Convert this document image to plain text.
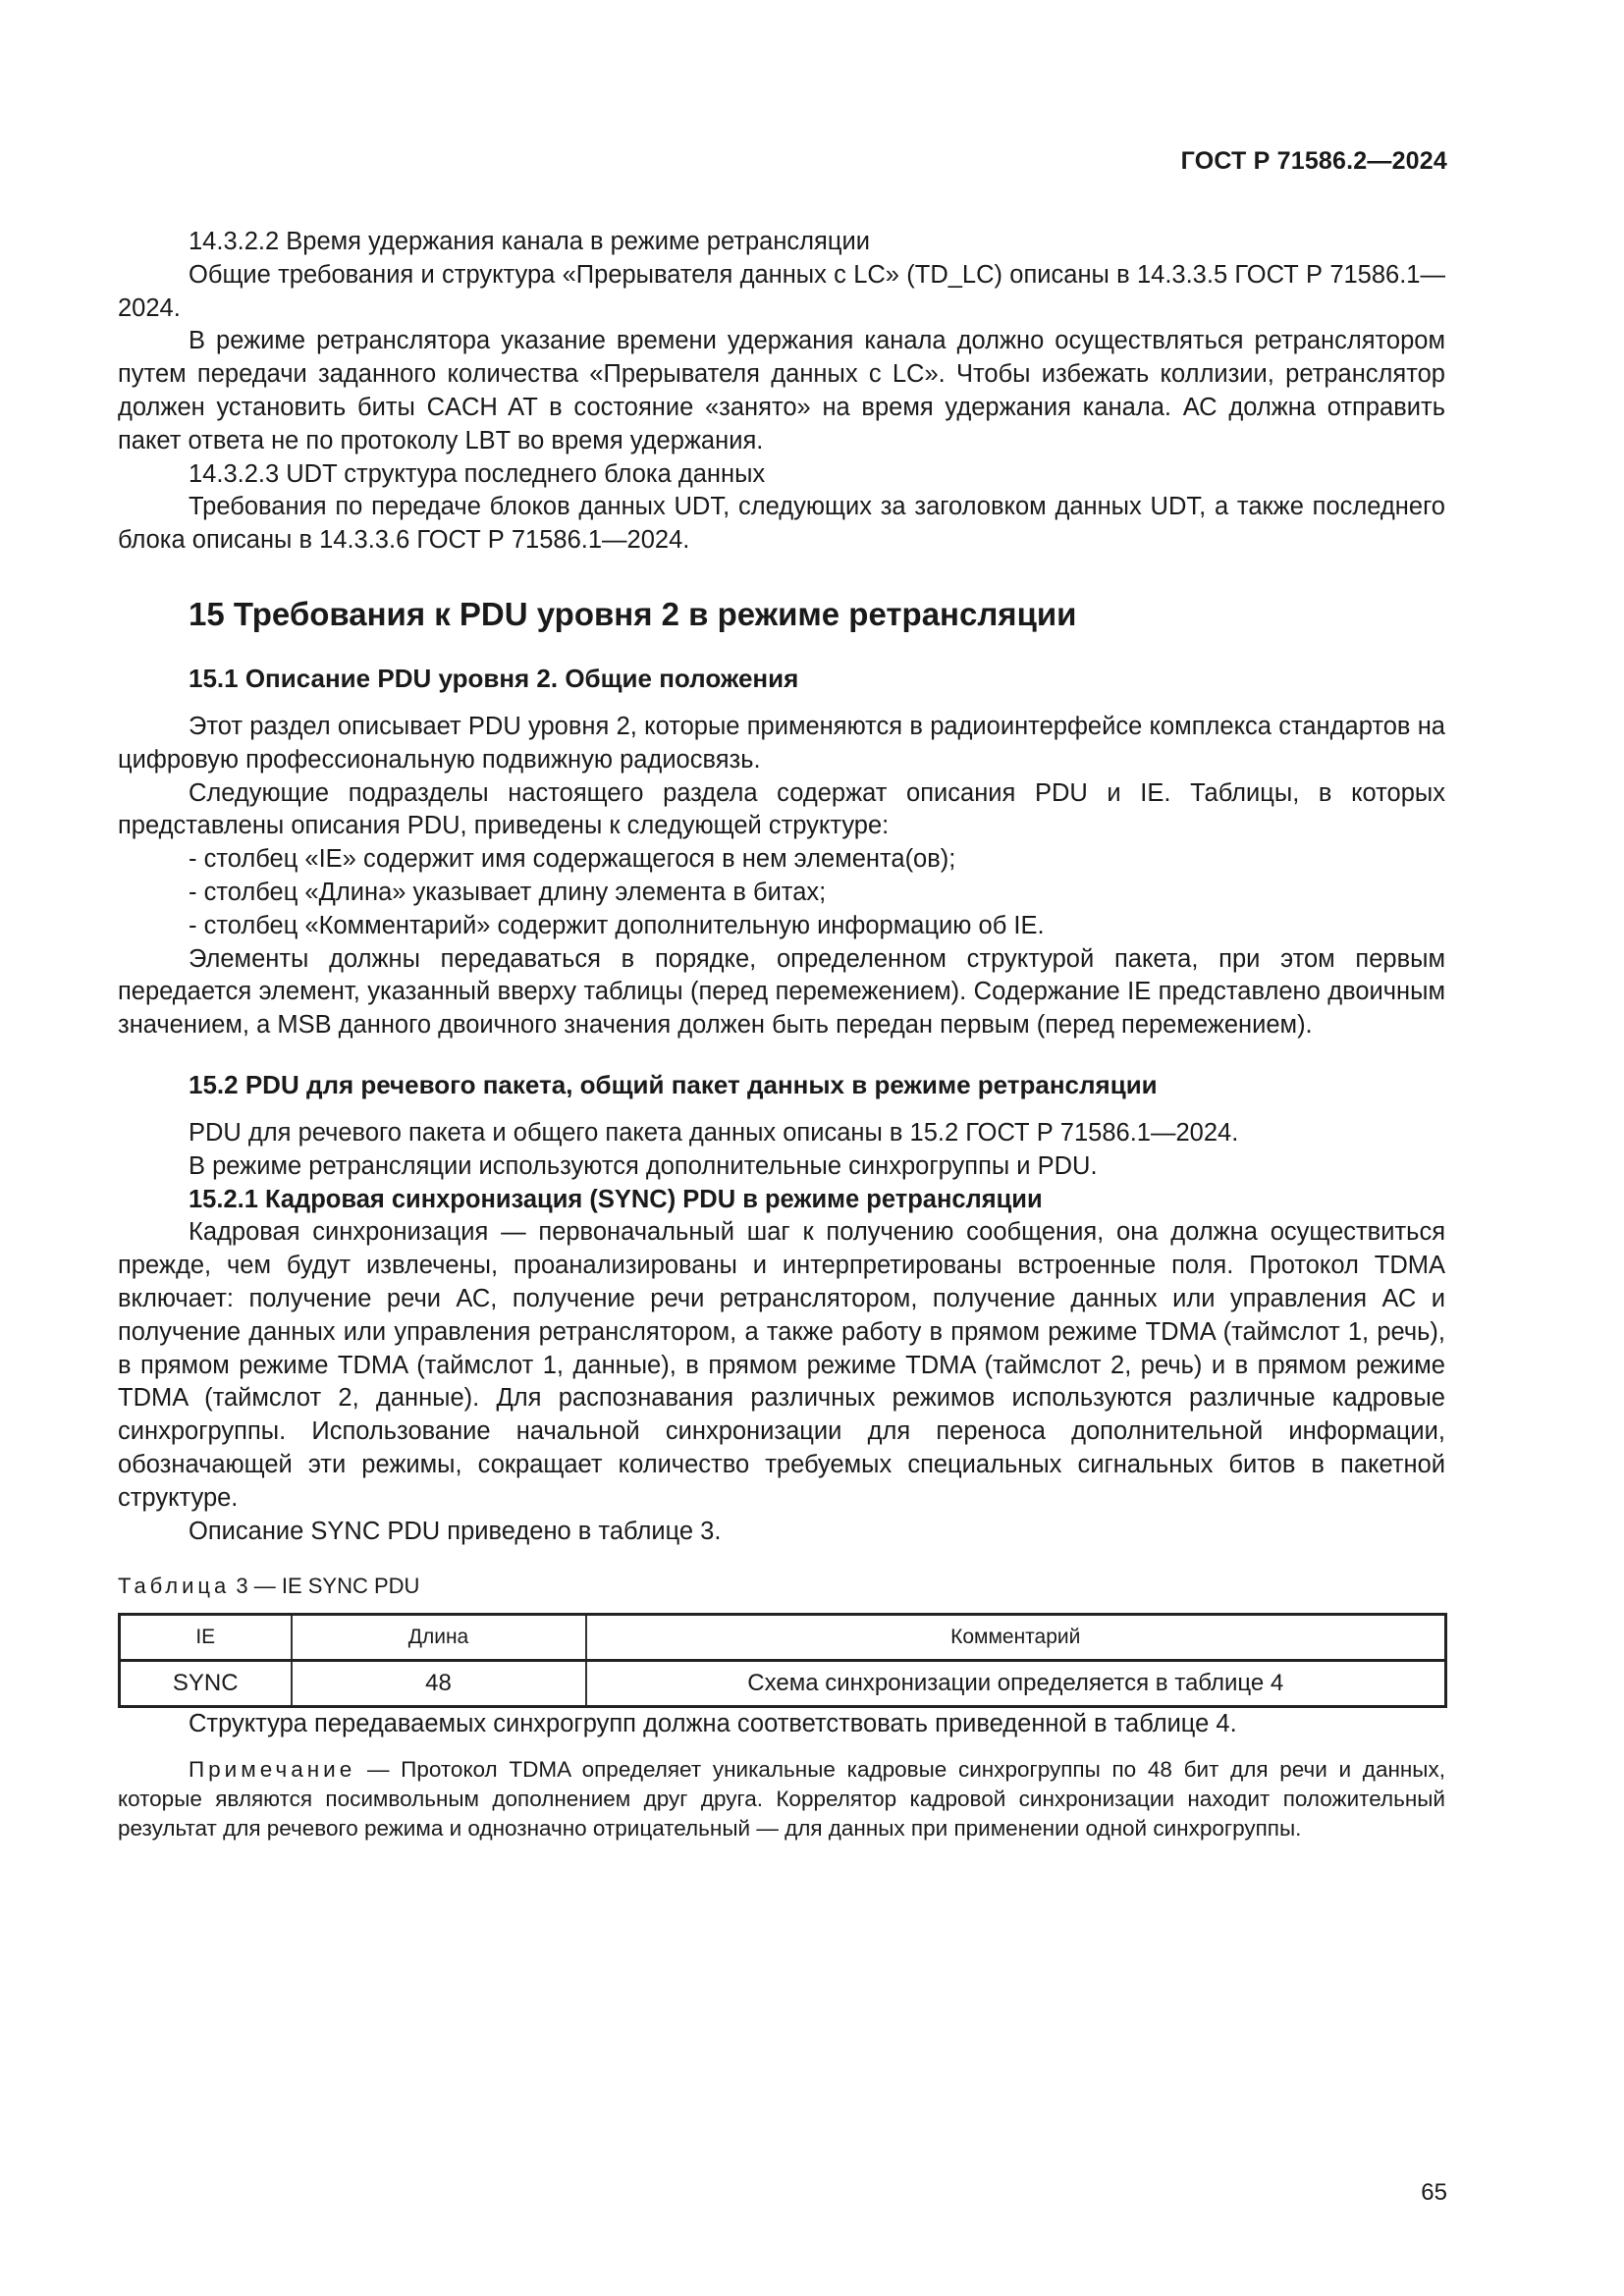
ГОСТ Р 71586.2—2024

14.3.2.2 Время удержания канала в режиме ретрансляции

Общие требования и структура «Прерывателя данных с LC» (TD_LC) описаны в 14.3.3.5 ГОСТ Р 71586.1—2024.

В режиме ретранслятора указание времени удержания канала должно осуществляться ретранслятором путем передачи заданного количества «Прерывателя данных с LC». Чтобы избежать коллизии, ретранслятор должен установить биты CACH AT в состояние «занято» на время удержания канала. АС должна отправить пакет ответа не по протоколу LBT во время удержания.

14.3.2.3 UDT структура последнего блока данных

Требования по передаче блоков данных UDT, следующих за заголовком данных UDT, а также последнего блока описаны в 14.3.3.6 ГОСТ Р 71586.1—2024.

15 Требования к PDU уровня 2 в режиме ретрансляции
15.1 Описание PDU уровня 2. Общие положения

Этот раздел описывает PDU уровня 2, которые применяются в радиоинтерфейсе комплекса стандартов на цифровую профессиональную подвижную радиосвязь.

Следующие подразделы настоящего раздела содержат описания PDU и IE. Таблицы, в которых представлены описания PDU, приведены к следующей структуре:

- столбец «IE» содержит имя содержащегося в нем элемента(ов);

- столбец «Длина» указывает длину элемента в битах;

- столбец «Комментарий» содержит дополнительную информацию об IE.

Элементы должны передаваться в порядке, определенном структурой пакета, при этом первым передается элемент, указанный вверху таблицы (перед перемежением). Содержание IE представлено двоичным значением, а MSB данного двоичного значения должен быть передан первым (перед перемежением).

15.2 PDU для речевого пакета, общий пакет данных в режиме ретрансляции

PDU для речевого пакета и общего пакета данных описаны в 15.2 ГОСТ Р 71586.1—2024.

В режиме ретрансляции используются дополнительные синхрогруппы и PDU.

15.2.1 Кадровая синхронизация (SYNC) PDU в режиме ретрансляции

Кадровая синхронизация — первоначальный шаг к получению сообщения, она должна осуществиться прежде, чем будут извлечены, проанализированы и интерпретированы встроенные поля. Протокол TDMA включает: получение речи АС, получение речи ретранслятором, получение данных или управления АС и получение данных или управления ретранслятором, а также работу в прямом режиме TDMA (таймслот 1, речь), в прямом режиме TDMA (таймслот 1, данные), в прямом режиме TDMA (таймслот 2, речь) и в прямом режиме TDMA (таймслот 2, данные). Для распознавания различных режимов используются различные кадровые синхрогруппы. Использование начальной синхронизации для переноса дополнительной информации, обозначающей эти режимы, сокращает количество требуемых специальных сигнальных битов в пакетной структуре.

Описание SYNC PDU приведено в таблице 3.

Таблица 3 — IE SYNC PDU
IE	Длина	Комментарий
SYNC	48	Схема синхронизации определяется в таблице 4

Структура передаваемых синхрогрупп должна соответствовать приведенной в таблице 4.

Примечание — Протокол TDMA определяет уникальные кадровые синхрогруппы по 48 бит для речи и данных, которые являются посимвольным дополнением друг друга. Коррелятор кадровой синхронизации находит положительный результат для речевого режима и однозначно отрицательный — для данных при применении одной синхрогруппы.

65
